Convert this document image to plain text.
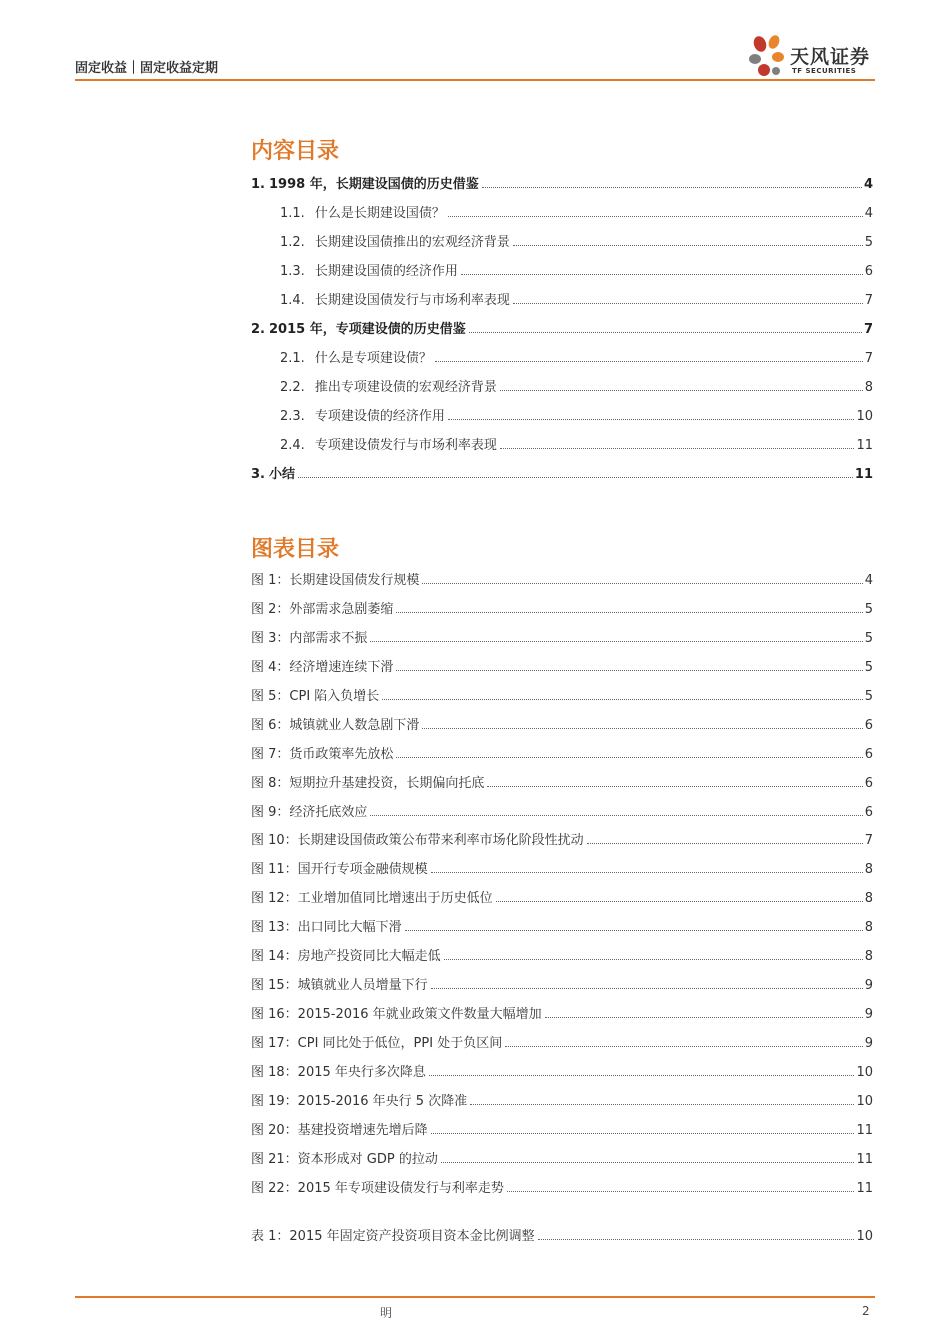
固定收益｜固定收益定期
天风证券
TF SECURITIES
内容目录
1. 1998 年，长期建设国债的历史借鉴	4
1.1. 什么是长期建设国债？	4
1.2. 长期建设国债推出的宏观经济背景	5
1.3. 长期建设国债的经济作用	6
1.4. 长期建设国债发行与市场利率表现	7
2. 2015 年，专项建设债的历史借鉴	7
2.1. 什么是专项建设债？	7
2.2. 推出专项建设债的宏观经济背景	8
2.3. 专项建设债的经济作用	10
2.4. 专项建设债发行与市场利率表现	11
3. 小结	11
图表目录
图 1：长期建设国债发行规模	4
图 2：外部需求急剧萎缩	5
图 3：内部需求不振	5
图 4：经济增速连续下滑	5
图 5：CPI 陷入负增长	5
图 6：城镇就业人数急剧下滑	6
图 7：货币政策率先放松	6
图 8：短期拉升基建投资，长期偏向托底	6
图 9：经济托底效应	6
图 10：长期建设国债政策公布带来利率市场化阶段性扰动	7
图 11：国开行专项金融债规模	8
图 12：工业增加值同比增速出于历史低位	8
图 13：出口同比大幅下滑	8
图 14：房地产投资同比大幅走低	8
图 15：城镇就业人员增量下行	9
图 16：2015-2016 年就业政策文件数量大幅增加	9
图 17：CPI 同比处于低位，PPI 处于负区间	9
图 18：2015 年央行多次降息	10
图 19：2015-2016 年央行 5 次降准	10
图 20：基建投资增速先增后降	11
图 21：资本形成对 GDP 的拉动	11
图 22：2015 年专项建设债发行与利率走势	11
表 1：2015 年固定资产投资项目资本金比例调整	10
明	2
